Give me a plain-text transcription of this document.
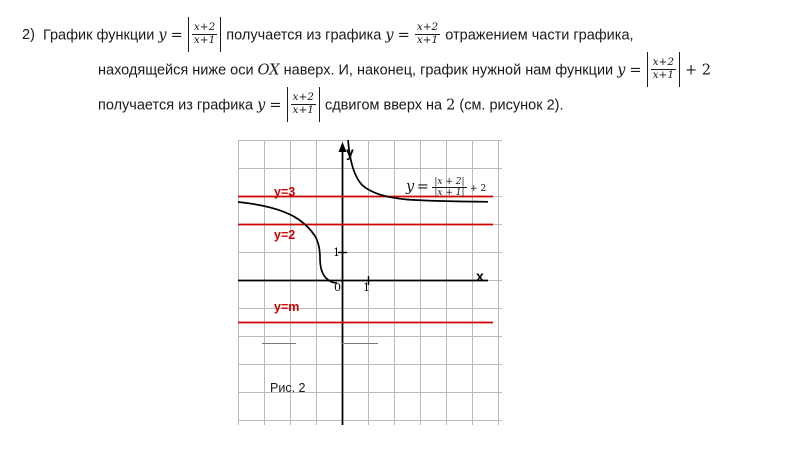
2) График функции $y = \frac{x+2}{x+1}$ получается из графика $y = \frac{x+2}{x+1}$ отражением части графика,
находящейся ниже оси OX наверх. И, наконец, график нужной нам функции $y = \frac{x+2}{x+1} + 2$
получается из графика $y = \frac{x+2}{x+1}$ сдвигом вверх на 2 (см. рисунок 2).
y=3
y=2
y=m
y
x
0
1
1
$y = \frac{|x + 2|}{|x + 1|} + 2$
Рис. 2
